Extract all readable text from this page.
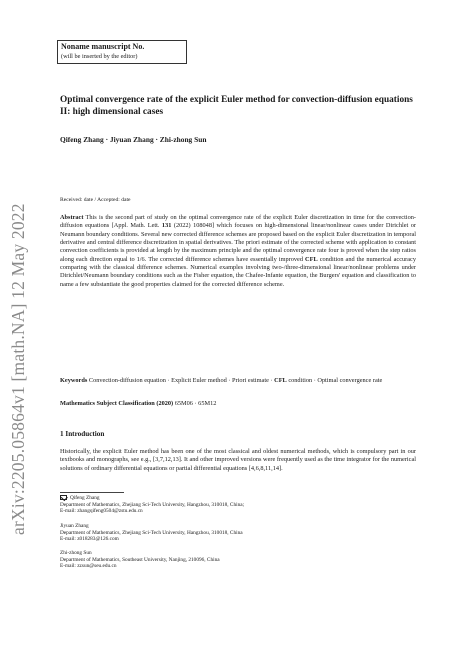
arXiv:2205.05864v1 [math.NA] 12 May 2022
Noname manuscript No.
(will be inserted by the editor)
Optimal convergence rate of the explicit Euler method for convection-diffusion equations II: high dimensional cases
Qifeng Zhang · Jiyuan Zhang · Zhi-zhong Sun
Received: date / Accepted: date
Abstract This is the second part of study on the optimal convergence rate of the explicit Euler discretization in time for the convection-diffusion equations [Appl. Math. Lett. 131 (2022) 108048] which focuses on high-dimensional linear/nonlinear cases under Dirichlet or Neumann boundary conditions. Several new corrected difference schemes are proposed based on the explicit Euler discretization in temporal derivative and central difference discretization in spatial derivatives. The priori estimate of the corrected scheme with application to constant convection coefficients is provided at length by the maximum principle and the optimal convergence rate four is proved when the step ratios along each direction equal to 1/6. The corrected difference schemes have essentially improved CFL condition and the numerical accuracy comparing with the classical difference schemes. Numerical examples involving two-/three-dimensional linear/nonlinear problems under Dirichlet/Neumann boundary conditions such as the Fisher equation, the Chafee-Infante equation, the Burgers' equation and classification to name a few substantiate the good properties claimed for the corrected difference scheme.
Keywords Convection-diffusion equation · Explicit Euler method · Priori estimate · CFL condition · Optimal convergence rate
Mathematics Subject Classification (2020) 65M06 · 65M12
1 Introduction
Historically, the explicit Euler method has been one of the most classical and oldest numerical methods, which is compulsory part in our textbooks and monographs, see e.g., [3,7,12,13]. It and other improved versions were frequently used as the time integrator for the numerical solutions of ordinary differential equations or partial differential equations [4,6,8,11,14].
Qifeng Zhang
Department of Mathematics, Zhejiang Sci-Tech University, Hangzhou, 310018, China;
E-mail: zhangqifeng0504@zstu.edu.cn
Jiyuan Zhang
Department of Mathematics, Zhejiang Sci-Tech University, Hangzhou, 310018, China
E-mail: z018283@126.com
Zhi-zhong Sun
Department of Mathematics, Southeast University, Nanjing, 210096, China
E-mail: zzsun@seu.edu.cn
